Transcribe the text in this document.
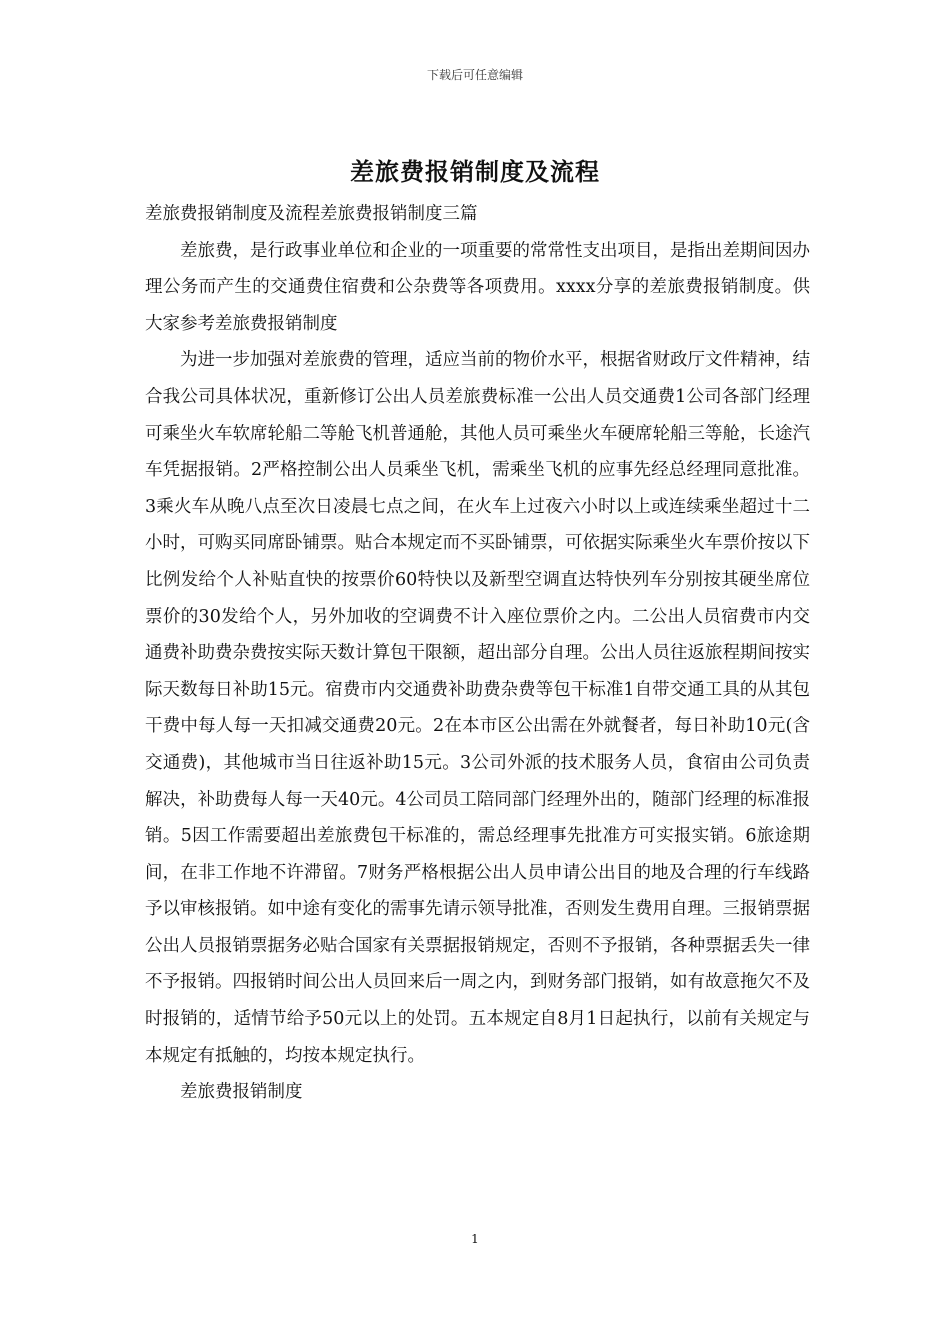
下载后可任意编辑
差旅费报销制度及流程

差旅费报销制度及流程差旅费报销制度三篇

差旅费，是行政事业单位和企业的一项重要的常常性支出项目，是指出差期间因办理公务而产生的交通费住宿费和公杂费等各项费用。xxxx分享的差旅费报销制度。供大家参考差旅费报销制度

为进一步加强对差旅费的管理，适应当前的物价水平，根据省财政厅文件精神，结合我公司具体状况，重新修订公出人员差旅费标准一公出人员交通费1公司各部门经理可乘坐火车软席轮船二等舱飞机普通舱，其他人员可乘坐火车硬席轮船三等舱，长途汽车凭据报销。2严格控制公出人员乘坐飞机，需乘坐飞机的应事先经总经理同意批准。3乘火车从晚八点至次日凌晨七点之间，在火车上过夜六小时以上或连续乘坐超过十二小时，可购买同席卧铺票。贴合本规定而不买卧铺票，可依据实际乘坐火车票价按以下比例发给个人补贴直快的按票价60特快以及新型空调直达特快列车分别按其硬坐席位票价的30发给个人，另外加收的空调费不计入座位票价之内。二公出人员宿费市内交通费补助费杂费按实际天数计算包干限额，超出部分自理。公出人员往返旅程期间按实际天数每日补助15元。宿费市内交通费补助费杂费等包干标准1自带交通工具的从其包干费中每人每一天扣减交通费20元。2在本市区公出需在外就餐者，每日补助10元(含交通费)，其他城市当日往返补助15元。3公司外派的技术服务人员，食宿由公司负责解决，补助费每人每一天40元。4公司员工陪同部门经理外出的，随部门经理的标准报销。5因工作需要超出差旅费包干标准的，需总经理事先批准方可实报实销。6旅途期间，在非工作地不许滞留。7财务严格根据公出人员申请公出目的地及合理的行车线路予以审核报销。如中途有变化的需事先请示领导批准，否则发生费用自理。三报销票据公出人员报销票据务必贴合国家有关票据报销规定，否则不予报销，各种票据丢失一律不予报销。四报销时间公出人员回来后一周之内，到财务部门报销，如有故意拖欠不及时报销的，适情节给予50元以上的处罚。五本规定自8月1日起执行，以前有关规定与本规定有抵触的，均按本规定执行。

差旅费报销制度

1
